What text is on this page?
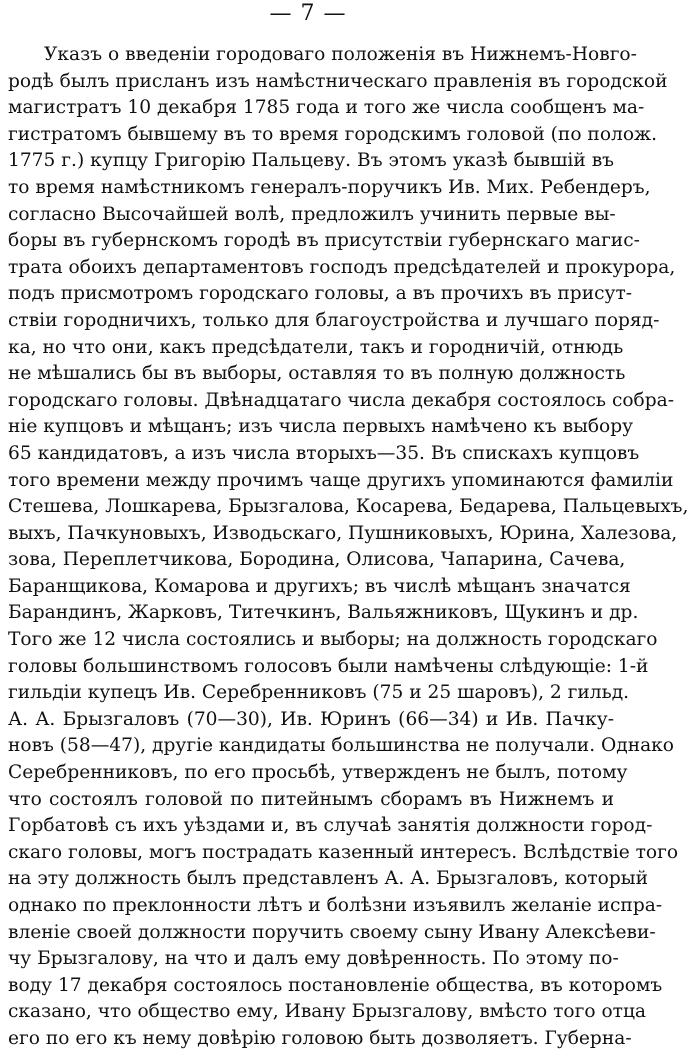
— 7 —
Указъ о введеніи городоваго положенія въ Нижнемъ-Новго-
родѣ былъ присланъ изъ намѣстническаго правленія въ городской
магистратъ 10 декабря 1785 года и того же числа сообщенъ ма-
гистратомъ бывшему въ то время городскимъ головой (по полож.
1775 г.) купцу Григорію Пальцеву. Въ этомъ указѣ бывшій въ
то время намѣстникомъ генералъ-поручикъ Ив. Мих. Ребендеръ,
согласно Высочайшей волѣ, предложилъ учинить первые вы-
боры въ губернскомъ городѣ въ присутствіи губернскаго магис-
трата обоихъ департаментовъ господъ предсѣдателей и прокурора,
подъ присмотромъ городскаго головы, а въ прочихъ въ присут-
ствіи городничихъ, только для благоустройства и лучшаго поряд-
ка, но что они, какъ предсѣдатели, такъ и городничій, отнюдь
не мѣшались бы въ выборы, оставляя то въ полную должность
городскаго головы. Двѣнадцатаго числа декабря состоялось собра-
ніе купцовъ и мѣщанъ; изъ числа первыхъ намѣчено къ выбору
65 кандидатовъ, а изъ числа вторыхъ—35. Въ спискахъ купцовъ
того времени между прочимъ чаще другихъ упоминаются фамиліи
Стешева, Лошкарева, Брызгалова, Косарева, Бедарева, Пальцевыхъ,
выхъ, Пачкуновыхъ, Изводьскаго, Пушниковыхъ, Юрина, Халезова,
зова, Переплетчикова, Бородина, Олисова, Чапарина, Сачева,
Баранщикова, Комарова и другихъ; въ числѣ мѣщанъ значатся
Барандинъ, Жарковъ, Титечкинъ, Вальяжниковъ, Щукинъ и др.
Того же 12 числа состоялись и выборы; на должность городскаго
головы большинствомъ голосовъ были намѣчены слѣдующіе: 1-й
гильдіи купецъ Ив. Серебренниковъ (75 и 25 шаровъ), 2 гильд.
А. А. Брызгаловъ (70—30), Ив. Юринъ (66—34) и Ив. Пачку-
новъ (58—47), другіе кандидаты большинства не получали. Однако
Серебренниковъ, по его просьбѣ, утвержденъ не былъ, потому
что состоялъ головой по питейнымъ сборамъ въ Нижнемъ и
Горбатовѣ съ ихъ уѣздами и, въ случаѣ занятія должности город-
скаго головы, могъ пострадать казенный интересъ. Вслѣдствіе того
на эту должность былъ представленъ А. А. Брызгаловъ, который
однако по преклонности лѣтъ и болѣзни изъявилъ желаніе испра-
вленіе своей должности поручить своему сыну Ивану Алексѣеви-
чу Брызгалову, на что и далъ ему довѣренность. По этому по-
воду 17 декабря состоялось постановленіе общества, въ которомъ
сказано, что общество ему, Ивану Брызгалову, вмѣсто того отца
его по его къ нему довѣрію головою быть дозволяетъ. Губерна-
